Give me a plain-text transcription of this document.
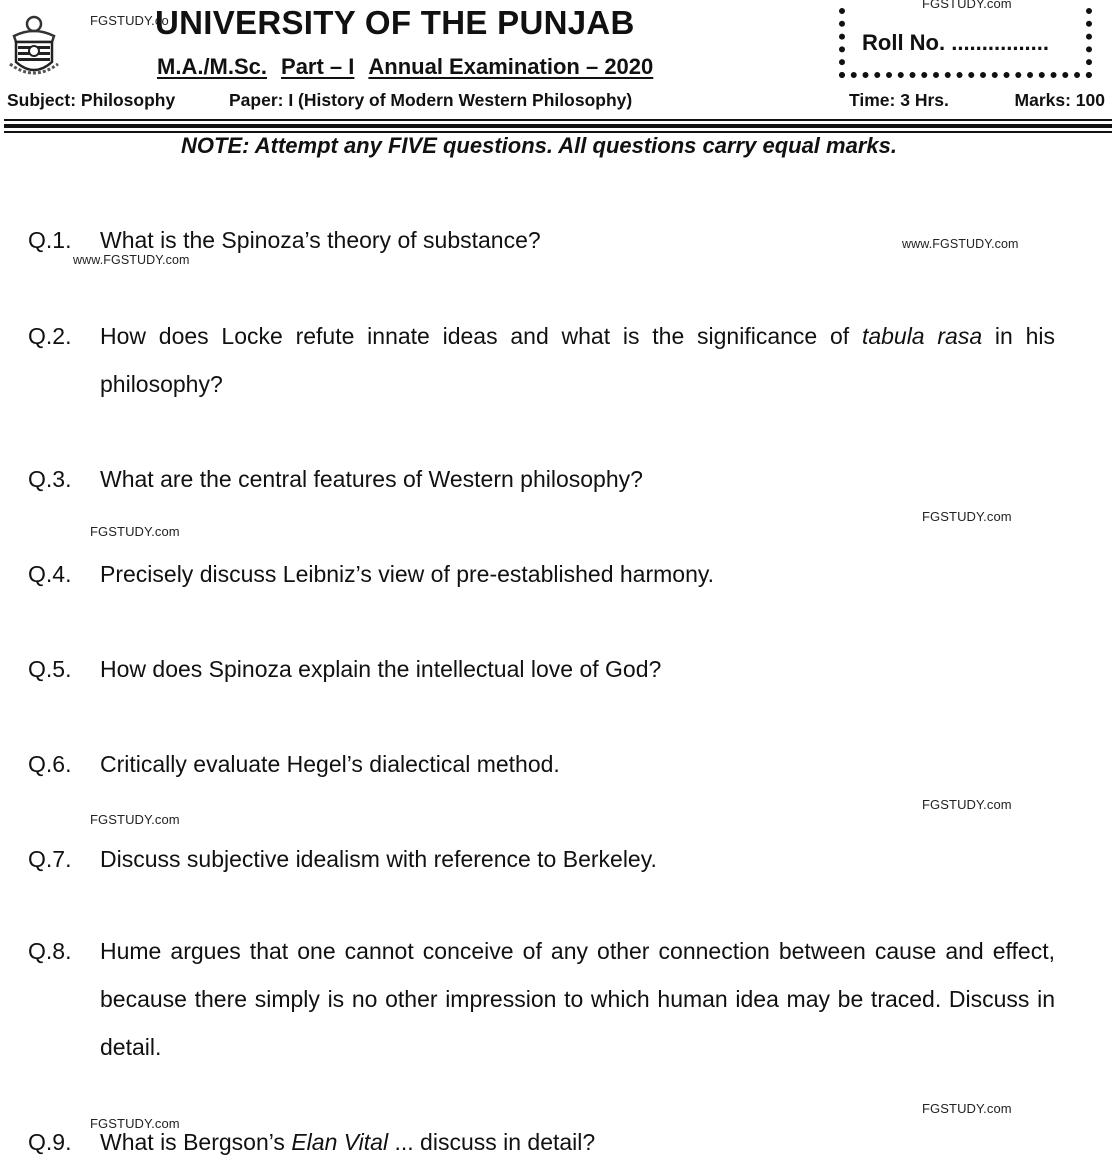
FGSTUDY.co
UNIVERSITY OF THE PUNJAB
M.A./M.Sc. Part – I Annual Examination – 2020
FGSTUDY.com
Roll No. ................
Subject: Philosophy	Paper: I (History of Modern Western Philosophy)	Time: 3 Hrs.	Marks: 100
NOTE: Attempt any FIVE questions. All questions carry equal marks.
Q.1.	What is the Spinoza’s theory of substance?
www.FGSTUDY.com
www.FGSTUDY.com
Q.2.	How does Locke refute innate ideas and what is the significance of tabula rasa in his philosophy?
Q.3.	What are the central features of Western philosophy?
FGSTUDY.com
FGSTUDY.com
Q.4.	Precisely discuss Leibniz’s view of pre-established harmony.
Q.5.	How does Spinoza explain the intellectual love of God?
Q.6.	Critically evaluate Hegel’s dialectical method.
FGSTUDY.com
FGSTUDY.com
Q.7.	Discuss subjective idealism with reference to Berkeley.
Q.8.	Hume argues that one cannot conceive of any other connection between cause and effect, because there simply is no other impression to which human idea may be traced. Discuss in detail.
FGSTUDY.com
FGSTUDY.com
Q.9.	What is Bergson’s Elan Vital ... discuss in detail?
